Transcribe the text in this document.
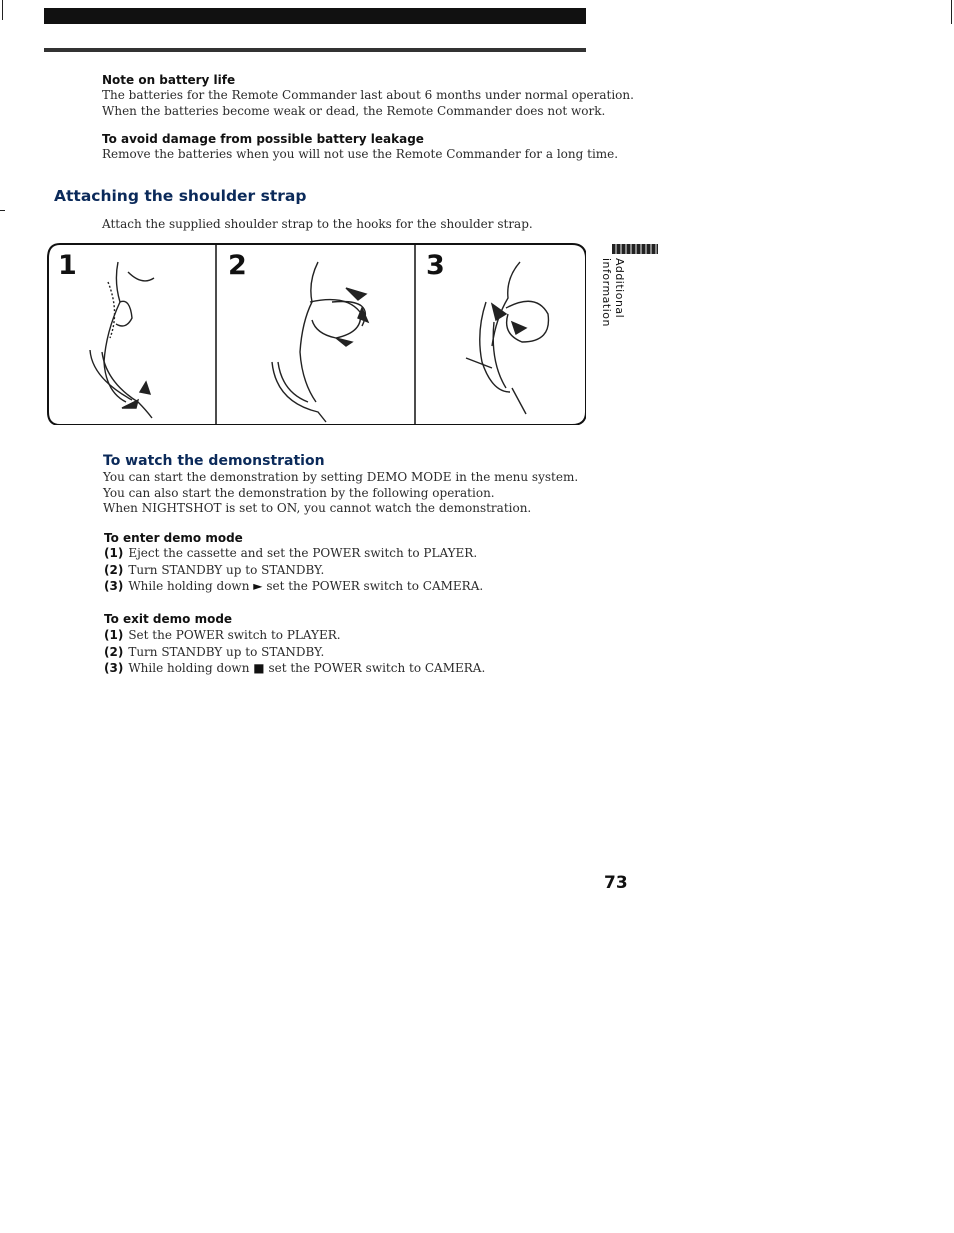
Note on battery life
The batteries for the Remote Commander last about 6 months under normal operation.
When the batteries become weak or dead, the Remote Commander does not work.
To avoid damage from possible battery leakage
Remove the batteries when you will not use the Remote Commander for a long time.
Attaching the shoulder strap
Attach the supplied shoulder strap to the hooks for the shoulder strap.
1	2	3	Additional information
To watch the demonstration
You can start the demonstration by setting DEMO MODE in the menu system.
You can also start the demonstration by the following operation.
When NIGHTSHOT is set to ON, you cannot watch the demonstration.
To enter demo mode
(1) Eject the cassette and set the POWER switch to PLAYER.
(2) Turn STANDBY up to STANDBY.
(3) While holding down ► set the POWER switch to CAMERA.
To exit demo mode
(1) Set the POWER switch to PLAYER.
(2) Turn STANDBY up to STANDBY.
(3) While holding down ■ set the POWER switch to CAMERA.
73
